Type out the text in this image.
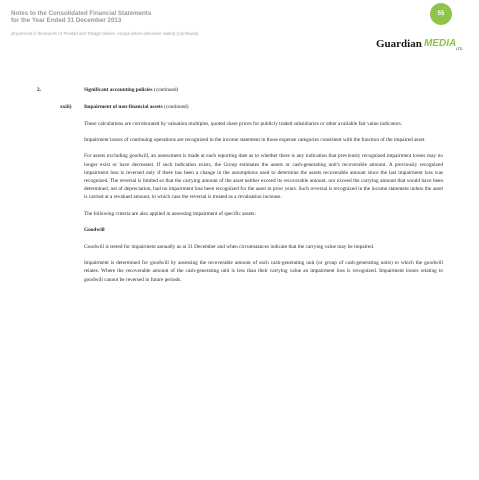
Notes to the Consolidated Financial Statements
for the Year Ended 31 December 2013
(Expressed in thousands of Trinidad and Tobago Dollars, except where otherwise stated) (Continued)
55
Guardian MEDIA LTD
2.	Significant accounting policies (continued)
xxiii) Impairment of non-financial assets (continued)

These calculations are corroborated by valuation multiples, quoted share prices for publicly traded subsidiaries or other available fair value indicators.

Impairment losses of continuing operations are recognized in the income statement in those expense categories consistent with the function of the impaired asset.

For assets excluding goodwill, an assessment is made at each reporting date as to whether there is any indication that previously recognized impairment losses may no longer exist or have decreased. If such indication exists, the Group estimates the assets or cash-generating unit's recoverable amount. A previously recognized impairment loss is reversed only if there has been a change in the assumptions used to determine the assets recoverable amount since the last impairment loss was recognized. The reversal is limited so that the carrying amount of the asset neither exceed its recoverable amount, nor exceed the carrying amount that would have been determined, net of depreciation, had no impairment loss been recognized for the asset in prior years. Such reversal is recognized in the income statement unless the asset is carried at a revalued amount, in which case the reversal is treated as a revaluation increase.

The following criteria are also applied in assessing impairment of specific assets:

Goodwill

Goodwill is tested for impairment annually as at 31 December and when circumstances indicate that the carrying value may be impaired.

Impairment is determined for goodwill by assessing the recoverable amount of each cash-generating unit (or group of cash-generating units) to which the goodwill relates. Where the recoverable amount of the cash-generating unit is less than their carrying value an impairment loss is recognized. Impairment losses relating to goodwill cannot be reversed in future periods.
